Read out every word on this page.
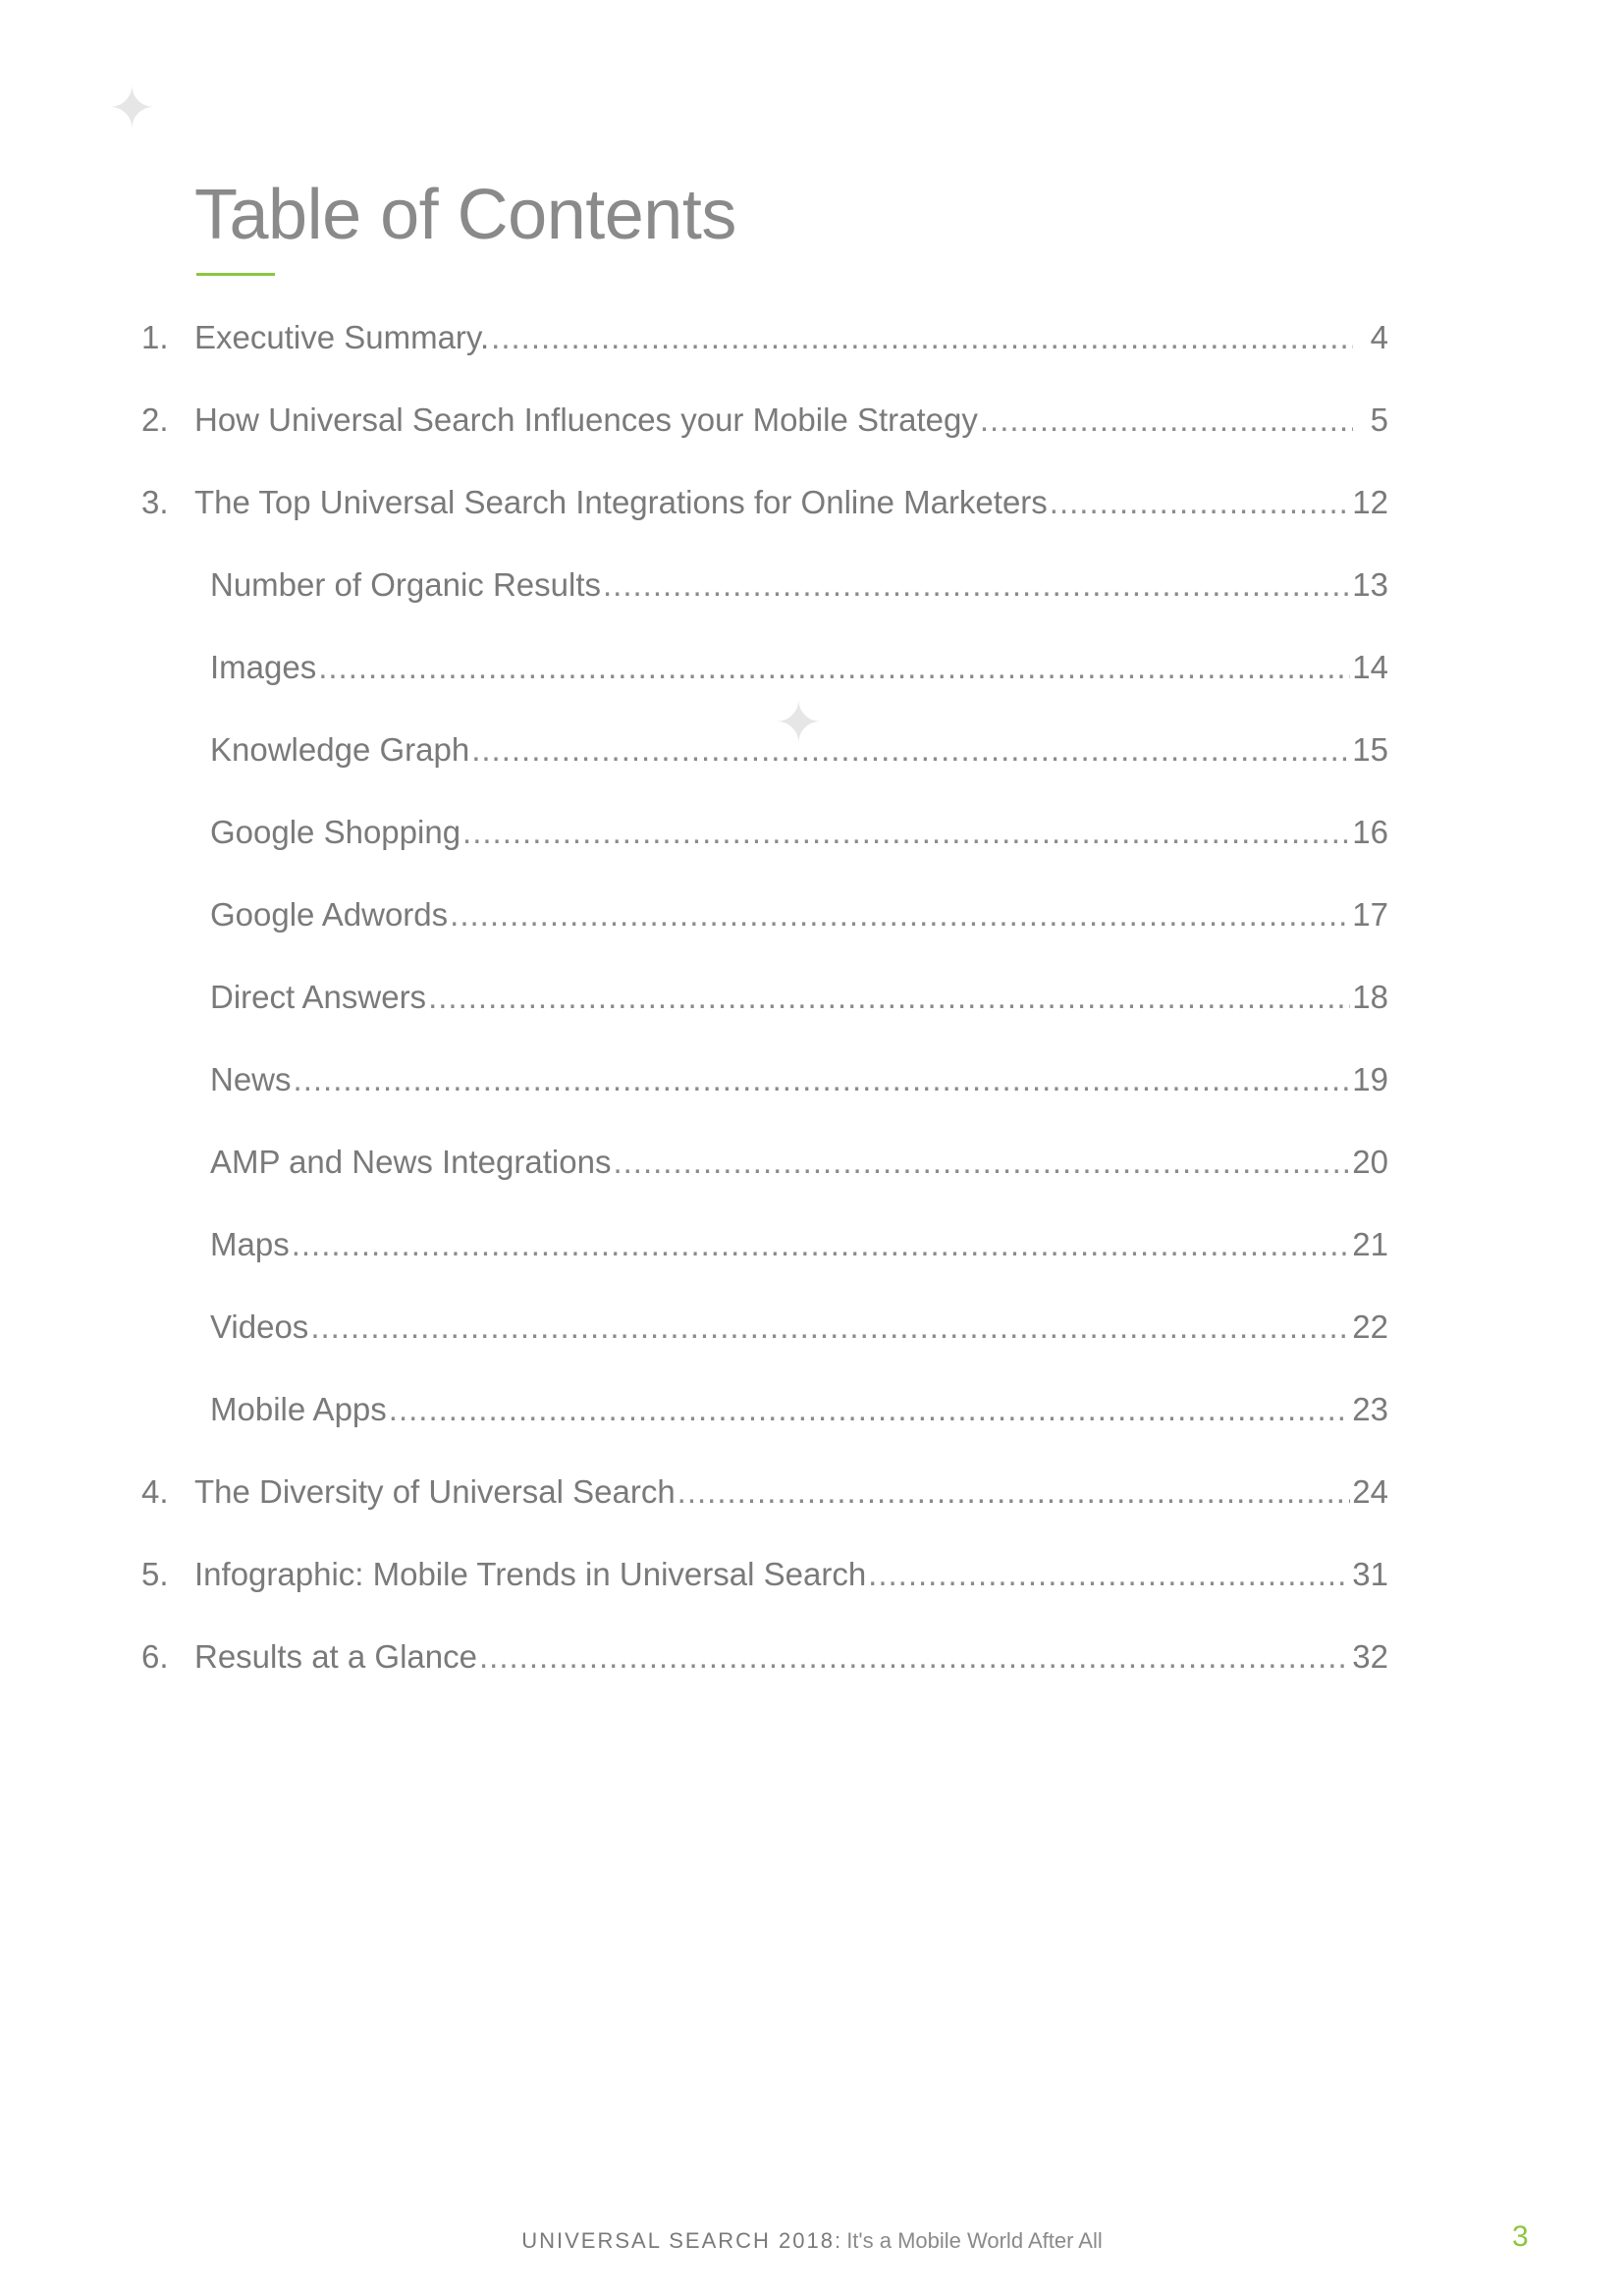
✦
✦
Table of Contents
1. Executive Summary. .....	4
2. How Universal Search Influences your Mobile Strategy .....	5
3. The Top Universal Search Integrations for Online Marketers .....	12
Number of Organic Results .....	13
Images .....	14
Knowledge Graph .....	15
Google Shopping .....	16
Google Adwords .....	17
Direct Answers .....	18
News .....	19
AMP and News Integrations .....	20
Maps .....	21
Videos .....	22
Mobile Apps .....	23
4. The Diversity of Universal Search .....	24
5. Infographic: Mobile Trends in Universal Search .....	31
6. Results at a Glance .....	32
UNIVERSAL SEARCH 2018: It's a Mobile World After All	3
